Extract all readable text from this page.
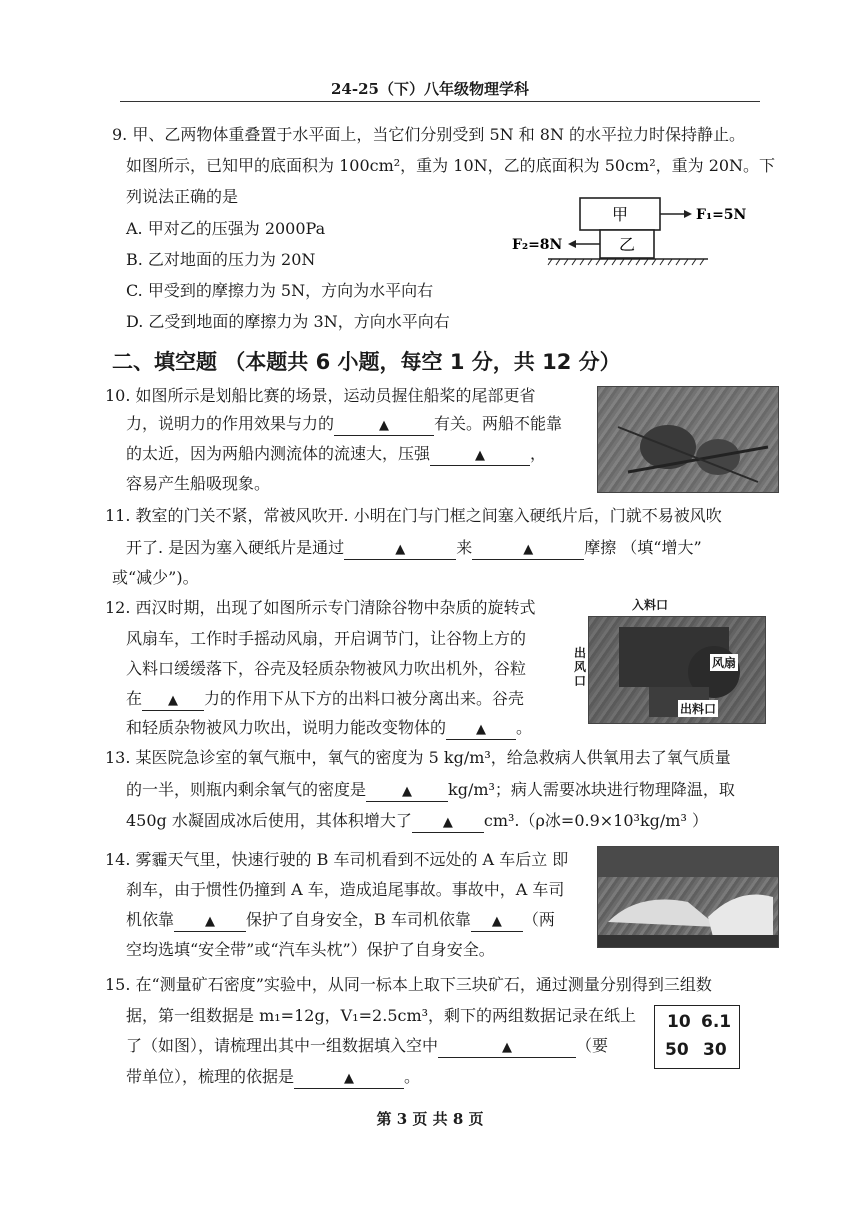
24-25（下）八年级物理学科
9. 甲、乙两物体重叠置于水平面上，当它们分别受到 5N 和 8N 的水平拉力时保持静止。
如图所示，已知甲的底面积为 100cm²，重为 10N，乙的底面积为 50cm²，重为 20N。下
列说法正确的是
A. 甲对乙的压强为 2000Pa
B. 乙对地面的压力为 20N
C. 甲受到的摩擦力为 5N，方向为水平向右
D. 乙受到地面的摩擦力为 3N，方向水平向右
甲
乙
F₁=5N
F₂=8N
二、填空题 （本题共 6 小题，每空 1 分，共 12 分）
10. 如图所示是划船比赛的场景，运动员握住船桨的尾部更省
力，说明力的作用效果与力的	▲	有关。两船不能靠
的太近，因为两船内测流体的流速大，压强	▲	，
容易产生船吸现象。
11. 教室的门关不紧，常被风吹开. 小明在门与门框之间塞入硬纸片后，门就不易被风吹
开了. 是因为塞入硬纸片是通过	▲	来	▲	摩擦 （填“增大”
或“减少”)。
12. 西汉时期，出现了如图所示专门清除谷物中杂质的旋转式
风扇车，工作时手摇动风扇，开启调节门，让谷物上方的
入料口缓缓落下，谷壳及轻质杂物被风力吹出机外，谷粒
在 ▲ 力的作用下从下方的出料口被分离出来。谷壳
和轻质杂物被风力吹出，说明力能改变物体的 ▲ 。
入料口
风扇
出料口
出风口
13. 某医院急诊室的氧气瓶中，氧气的密度为 5 kg/m³，给急救病人供氧用去了氧气质量
的一半，则瓶内剩余氧气的密度是	▲ kg/m³；病人需要冰块进行物理降温，取
450g 水凝固成冰后使用，其体积增大了 ▲ cm³.（ρ冰=0.9×10³kg/m³ ）
14. 雾霾天气里，快速行驶的 B 车司机看到不远处的 A 车后立 即
刹车，由于惯性仍撞到 A 车，造成追尾事故。事故中，A 车司
机依靠 ▲ 保护了自身安全，B 车司机依靠 ▲ （两
空均选填“安全带”或“汽车头枕”）保护了自身安全。
15. 在“测量矿石密度”实验中，从同一标本上取下三块矿石，通过测量分别得到三组数
据，第一组数据是 m₁=12g，V₁=2.5cm³，剩下的两组数据记录在纸上
了（如图），请梳理出其中一组数据填入空中	▲	（要
带单位），梳理的依据是	▲	。
10 6.1
50 30
第 3 页 共 8 页
